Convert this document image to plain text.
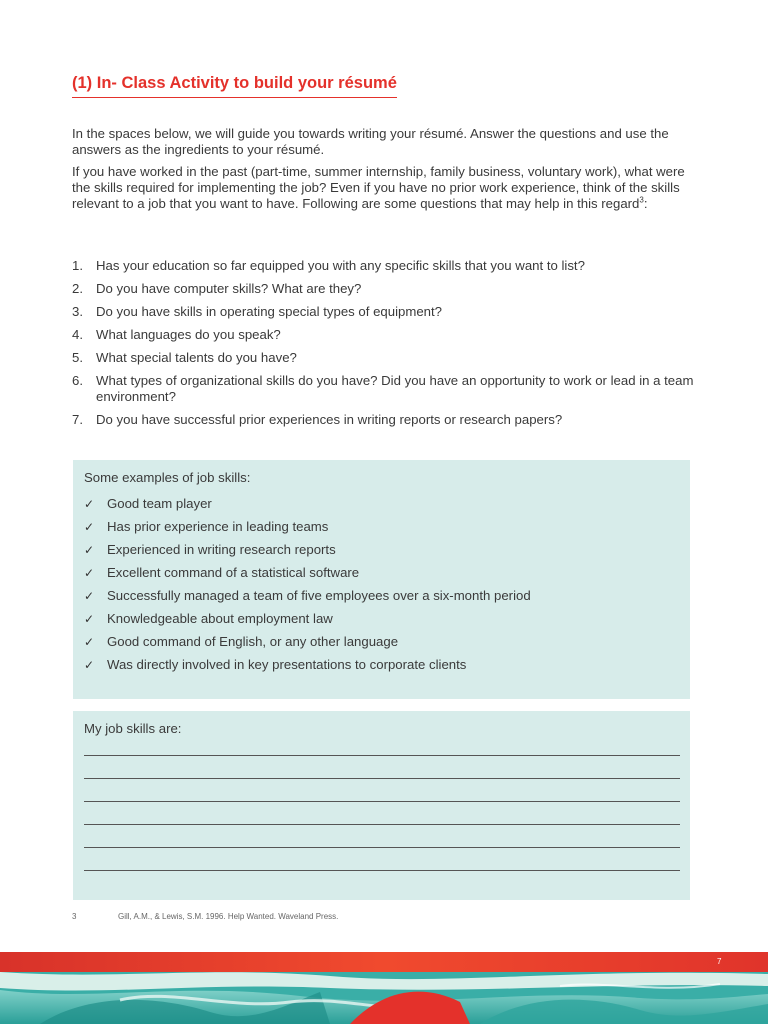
(1) In- Class Activity to build your résumé

In the spaces below, we will guide you towards writing your résumé. Answer the questions and use the answers as the ingredients to your résumé.

If you have worked in the past (part-time, summer internship, family business, voluntary work), what were the skills required for implementing the job? Even if you have no prior work experience, think of the skills relevant to a job that you want to have. Following are some questions that may help in this regard$^3$:

1. Has your education so far equipped you with any specific skills that you want to list?
2. Do you have computer skills? What are they?
3. Do you have skills in operating special types of equipment?
4. What languages do you speak?
5. What special talents do you have?
6. What types of organizational skills do you have? Did you have an opportunity to work or lead in a team environment?
7. Do you have successful prior experiences in writing reports or research papers?
Some examples of job skills:
✓ Good team player
✓ Has prior experience in leading teams
✓ Experienced in writing research reports
✓ Excellent command of a statistical software
✓ Successfully managed a team of five employees over a six-month period
✓ Knowledgeable about employment law
✓ Good command of English, or any other language
✓ Was directly involved in key presentations to corporate clients
My job skills are:
3	Gill, A.M., & Lewis, S.M. 1996. Help Wanted. Waveland Press.
7
